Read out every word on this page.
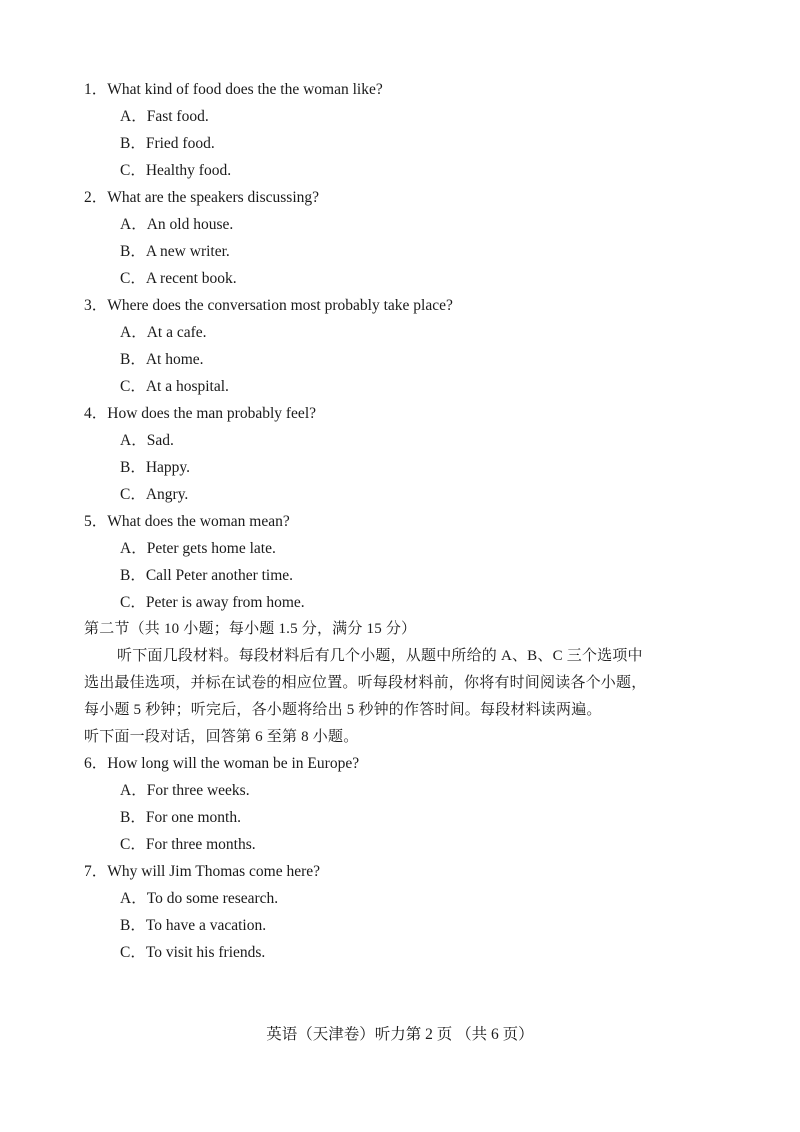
1．What kind of food does the the woman like?
A．Fast food.
B．Fried food.
C．Healthy food.
2．What are the speakers discussing?
A．An old house.
B．A new writer.
C．A recent book.
3．Where does the conversation most probably take place?
A．At a cafe.
B．At home.
C．At a hospital.
4．How does the man probably feel?
A．Sad.
B．Happy.
C．Angry.
5．What does the woman mean?
A．Peter gets home late.
B．Call Peter another time.
C．Peter is away from home.
第二节（共 10 小题；每小题 1.5 分，满分 15 分）
听下面几段材料。每段材料后有几个小题，从题中所给的 A、B、C 三个选项中
选出最佳选项，并标在试卷的相应位置。听每段材料前，你将有时间阅读各个小题，
每小题 5 秒钟；听完后，各小题将给出 5 秒钟的作答时间。每段材料读两遍。
听下面一段对话，回答第 6 至第 8 小题。
6．How long will the woman be in Europe?
A．For three weeks.
B．For one month.
C．For three months.
7．Why will Jim Thomas come here?
A．To do some research.
B．To have a vacation.
C．To visit his friends.
英语（天津卷）听力第 2 页 （共 6 页）
